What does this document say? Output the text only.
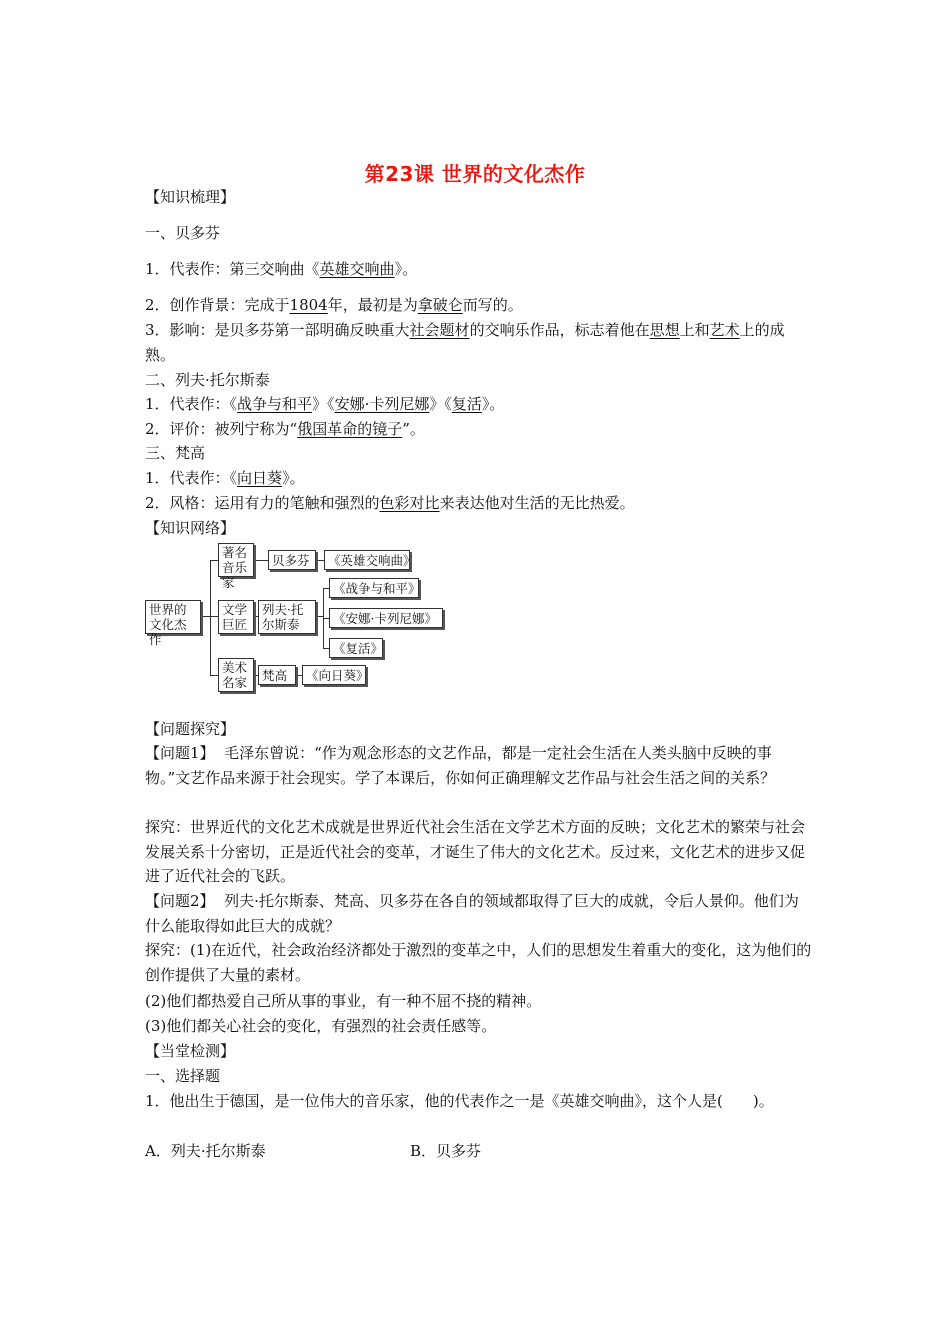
第23课 世界的文化杰作
【知识梳理】
一、贝多芬
1．代表作：第三交响曲《英雄交响曲》。
2．创作背景：完成于1804年，最初是为拿破仑而写的。
3．影响：是贝多芬第一部明确反映重大社会题材的交响乐作品，标志着他在思想上和艺术上的成熟。
二、列夫·托尔斯泰
1．代表作：《战争与和平》《安娜·卡列尼娜》《复活》。
2．评价：被列宁称为“俄国革命的镜子”。
三、梵高
1．代表作：《向日葵》。
2．风格：运用有力的笔触和强烈的色彩对比来表达他对生活的无比热爱。
【知识网络】
世界的文化杰作
著名音乐家
贝多芬	《英雄交响曲》
文学巨匠
列夫·托尔斯泰
《战争与和平》
《安娜·卡列尼娜》
《复活》
美术名家	梵高	《向日葵》
【问题探究】
【问题1】 毛泽东曾说：“作为观念形态的文艺作品，都是一定社会生活在人类头脑中反映的事物。”文艺作品来源于社会现实。学了本课后，你如何正确理解文艺作品与社会生活之间的关系？
探究：世界近代的文化艺术成就是世界近代社会生活在文学艺术方面的反映；文化艺术的繁荣与社会发展关系十分密切，正是近代社会的变革，才诞生了伟大的文化艺术。反过来，文化艺术的进步又促进了近代社会的飞跃。
【问题2】 列夫·托尔斯泰、梵高、贝多芬在各自的领域都取得了巨大的成就，令后人景仰。他们为什么能取得如此巨大的成就？
探究：(1)在近代，社会政治经济都处于激烈的变革之中，人们的思想发生着重大的变化，这为他们的创作提供了大量的素材。
(2)他们都热爱自己所从事的事业，有一种不屈不挠的精神。
(3)他们都关心社会的变化，有强烈的社会责任感等。
【当堂检测】
一、选择题
1．他出生于德国，是一位伟大的音乐家，他的代表作之一是《英雄交响曲》，这个人是(　　)。
A．列夫·托尔斯泰	B．贝多芬
